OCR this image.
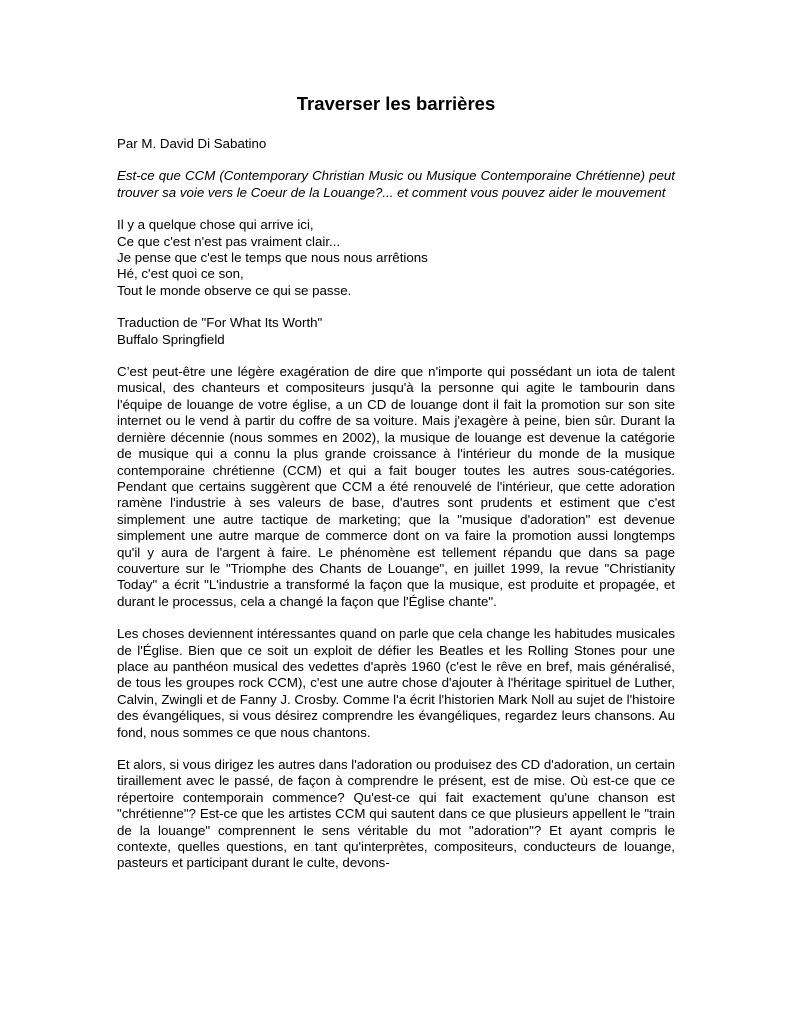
Traverser les barrières

Par M. David Di Sabatino

Est-ce que CCM (Contemporary Christian Music ou Musique Contemporaine Chrétienne) peut trouver sa voie vers le Coeur de la Louange?... et comment vous pouvez aider le mouvement

Il y a quelque chose qui arrive ici,
Ce que c'est n'est pas vraiment clair...
Je pense que c'est le temps que nous nous arrêtions
Hé, c'est quoi ce son,
Tout le monde observe ce qui se passe.
Traduction de "For What Its Worth"
Buffalo Springfield

C’est peut-être une légère exagération de dire que n'importe qui possédant un iota de talent musical, des chanteurs et compositeurs jusqu'à la personne qui agite le tambourin dans l'équipe de louange de votre église, a un CD de louange dont il fait la promotion sur son site internet ou le vend à partir du coffre de sa voiture. Mais j'exagère à peine, bien sûr. Durant la dernière décennie (nous sommes en 2002), la musique de louange est devenue la catégorie de musique qui a connu la plus grande croissance à l'intérieur du monde de la musique contemporaine chrétienne (CCM) et qui a fait bouger toutes les autres sous-catégories. Pendant que certains suggèrent que CCM a été renouvelé de l'intérieur, que cette adoration ramène l'industrie à ses valeurs de base, d'autres sont prudents et estiment que c'est simplement une autre tactique de marketing; que la "musique d'adoration" est devenue simplement une autre marque de commerce dont on va faire la promotion aussi longtemps qu'il y aura de l'argent à faire. Le phénomène est tellement répandu que dans sa page couverture sur le "Triomphe des Chants de Louange", en juillet 1999, la revue "Christianity Today" a écrit "L'industrie a transformé la façon que la musique, est produite et propagée, et durant le processus, cela a changé la façon que l'Église chante".

Les choses deviennent intéressantes quand on parle que cela change les habitudes musicales de l'Église. Bien que ce soit un exploit de défier les Beatles et les Rolling Stones pour une place au panthéon musical des vedettes d'après 1960 (c'est le rêve en bref, mais généralisé, de tous les groupes rock CCM), c'est une autre chose d'ajouter à l'héritage spirituel de Luther, Calvin, Zwingli et de Fanny J. Crosby. Comme l'a écrit l'historien Mark Noll au sujet de l'histoire des évangéliques, si vous désirez comprendre les évangéliques, regardez leurs chansons. Au fond, nous sommes ce que nous chantons.

Et alors, si vous dirigez les autres dans l'adoration ou produisez des CD d'adoration, un certain tiraillement avec le passé, de façon à comprendre le présent, est de mise. Où est-ce que ce répertoire contemporain commence? Qu'est-ce qui fait exactement qu'une chanson est "chrétienne"? Est-ce que les artistes CCM qui sautent dans ce que plusieurs appellent le "train de la louange" comprennent le sens véritable du mot "adoration"? Et ayant compris le contexte, quelles questions, en tant qu'interprètes, compositeurs, conducteurs de louange, pasteurs et participant durant le culte, devons-
